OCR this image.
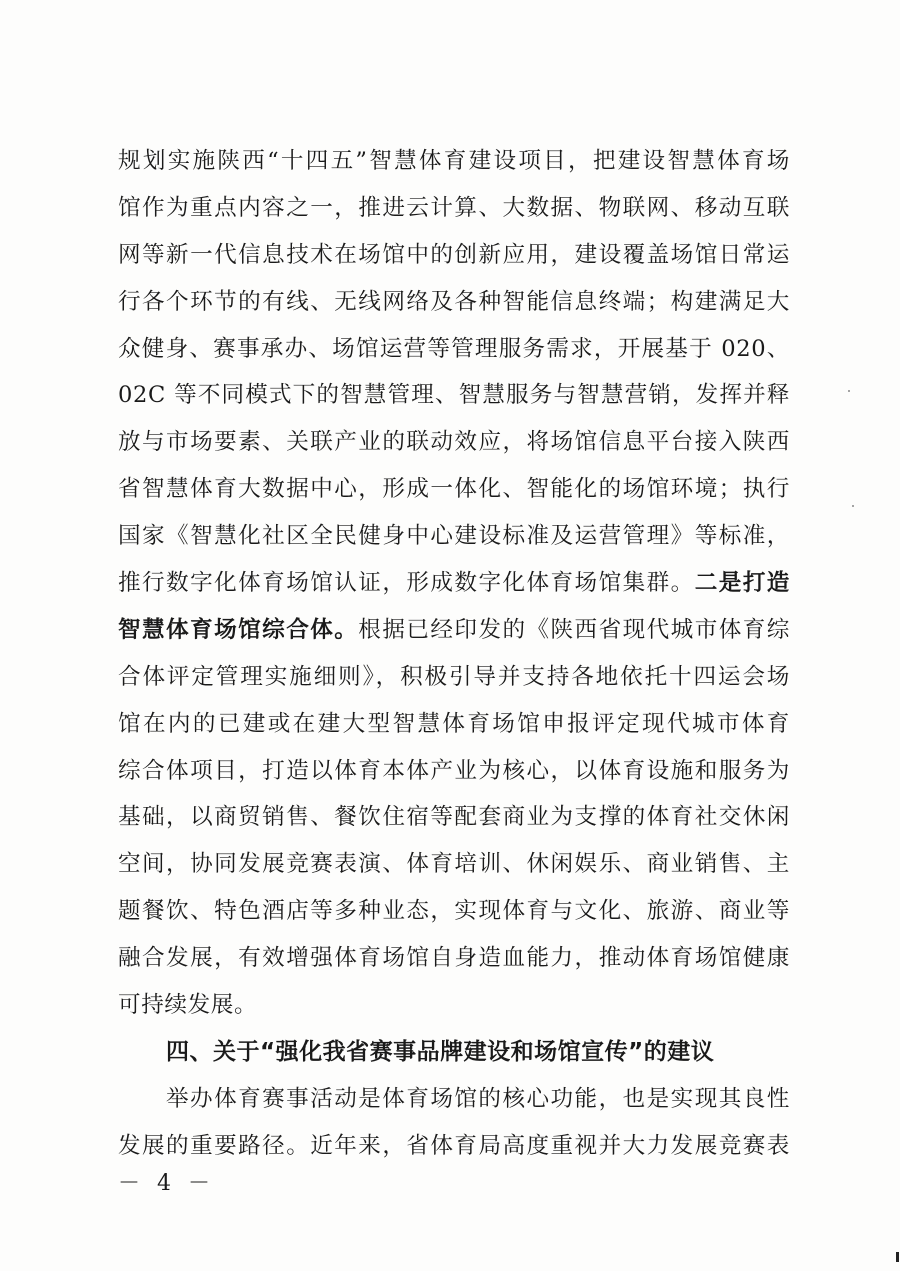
规划实施陕西“十四五”智慧体育建设项目，把建设智慧体育场
馆作为重点内容之一，推进云计算、大数据、物联网、移动互联
网等新一代信息技术在场馆中的创新应用，建设覆盖场馆日常运
行各个环节的有线、无线网络及各种智能信息终端；构建满足大
众健身、赛事承办、场馆运营等管理服务需求，开展基于 020、
02C 等不同模式下的智慧管理、智慧服务与智慧营销，发挥并释
放与市场要素、关联产业的联动效应，将场馆信息平台接入陕西
省智慧体育大数据中心，形成一体化、智能化的场馆环境；执行
国家《智慧化社区全民健身中心建设标准及运营管理》等标准，
推行数字化体育场馆认证，形成数字化体育场馆集群。二是打造
智慧体育场馆综合体。根据已经印发的《陕西省现代城市体育综
合体评定管理实施细则》，积极引导并支持各地依托十四运会场
馆在内的已建或在建大型智慧体育场馆申报评定现代城市体育
综合体项目，打造以体育本体产业为核心，以体育设施和服务为
基础，以商贸销售、餐饮住宿等配套商业为支撑的体育社交休闲
空间，协同发展竞赛表演、体育培训、休闲娱乐、商业销售、主
题餐饮、特色酒店等多种业态，实现体育与文化、旅游、商业等
融合发展，有效增强体育场馆自身造血能力，推动体育场馆健康
可持续发展。
四、关于“强化我省赛事品牌建设和场馆宣传”的建议
举办体育赛事活动是体育场馆的核心功能，也是实现其良性
发展的重要路径。近年来，省体育局高度重视并大力发展竞赛表
－ 4 －
